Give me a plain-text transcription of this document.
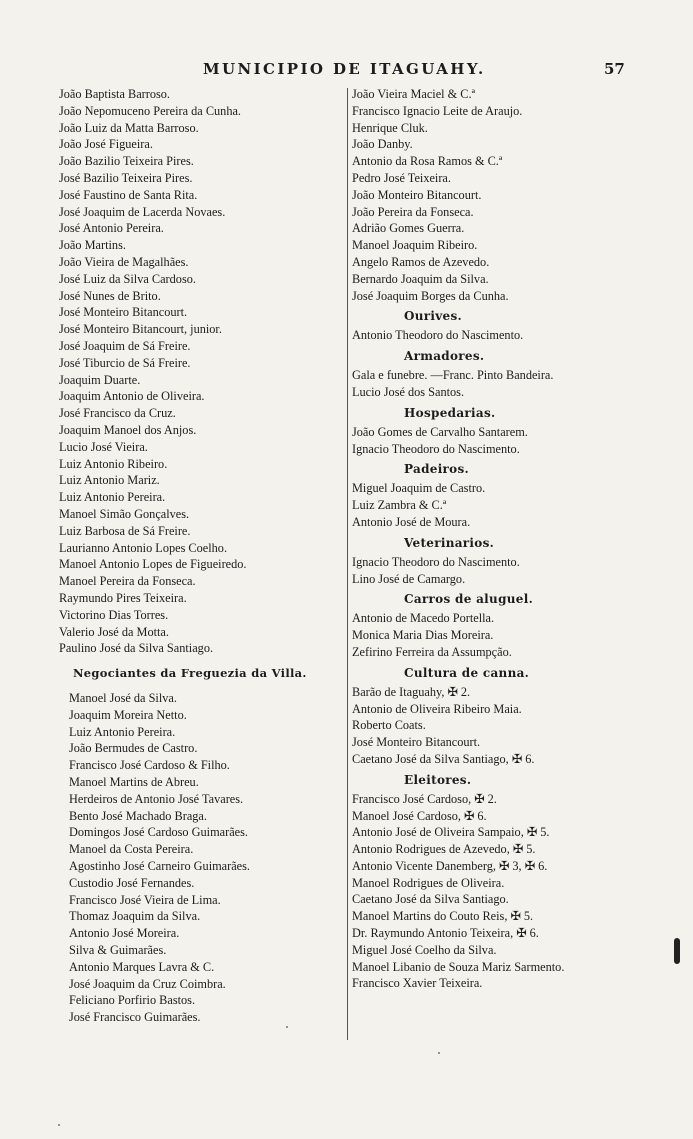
MUNICIPIO DE ITAGUAHY.	57
João Baptista Barroso.
João Nepomuceno Pereira da Cunha.
João Luiz da Matta Barroso.
João José Figueira.
João Bazilio Teixeira Pires.
José Bazilio Teixeira Pires.
José Faustino de Santa Rita.
José Joaquim de Lacerda Novaes.
José Antonio Pereira.
João Martins.
João Vieira de Magalhães.
José Luiz da Silva Cardoso.
José Nunes de Brito.
José Monteiro Bitancourt.
José Monteiro Bitancourt, junior.
José Joaquim de Sá Freire.
José Tiburcio de Sá Freire.
Joaquim Duarte.
Joaquim Antonio de Oliveira.
José Francisco da Cruz.
Joaquim Manoel dos Anjos.
Lucio José Vieira.
Luiz Antonio Ribeiro.
Luiz Antonio Mariz.
Luiz Antonio Pereira.
Manoel Simão Gonçalves.
Luiz Barbosa de Sá Freire.
Laurianno Antonio Lopes Coelho.
Manoel Antonio Lopes de Figueiredo.
Manoel Pereira da Fonseca.
Raymundo Pires Teixeira.
Victorino Dias Torres.
Valerio José da Motta.
Paulino José da Silva Santiago.
Negociantes da Freguezia da Villa.
Manoel José da Silva.
Joaquim Moreira Netto.
Luiz Antonio Pereira.
João Bermudes de Castro.
Francisco José Cardoso & Filho.
Manoel Martins de Abreu.
Herdeiros de Antonio José Tavares.
Bento José Machado Braga.
Domingos José Cardoso Guimarães.
Manoel da Costa Pereira.
Agostinho José Carneiro Guimarães.
Custodio José Fernandes.
Francisco José Vieira de Lima.
Thomaz Joaquim da Silva.
Antonio José Moreira.
Silva & Guimarães.
Antonio Marques Lavra & C.
José Joaquim da Cruz Coimbra.
Feliciano Porfirio Bastos.
José Francisco Guimarães.
João Vieira Maciel & C.ª
Francisco Ignacio Leite de Araujo.
Henrique Cluk.
João Danby.
Antonio da Rosa Ramos & C.ª
Pedro José Teixeira.
João Monteiro Bitancourt.
João Pereira da Fonseca.
Adrião Gomes Guerra.
Manoel Joaquim Ribeiro.
Angelo Ramos de Azevedo.
Bernardo Joaquim da Silva.
José Joaquim Borges da Cunha.
Ourives.
Antonio Theodoro do Nascimento.
Armadores.
Gala e funebre. —Franc. Pinto Bandeira.
Lucio José dos Santos.
Hospedarias.
João Gomes de Carvalho Santarem.
Ignacio Theodoro do Nascimento.
Padeiros.
Miguel Joaquim de Castro.
Luiz Zambra & C.ª
Antonio José de Moura.
Veterinarios.
Ignacio Theodoro do Nascimento.
Lino José de Camargo.
Carros de aluguel.
Antonio de Macedo Portella.
Monica Maria Dias Moreira.
Zefirino Ferreira da Assumpção.
Cultura de canna.
Barão de Itaguahy, ✠ 2.
Antonio de Oliveira Ribeiro Maia.
Roberto Coats.
José Monteiro Bitancourt.
Caetano José da Silva Santiago, ✠ 6.
Eleitores.
Francisco José Cardoso, ✠ 2.
Manoel José Cardoso, ✠ 6.
Antonio José de Oliveira Sampaio, ✠ 5.
Antonio Rodrigues de Azevedo, ✠ 5.
Antonio Vicente Danemberg, ✠ 3, ✠ 6.
Manoel Rodrigues de Oliveira.
Caetano José da Silva Santiago.
Manoel Martins do Couto Reis, ✠ 5.
Dr. Raymundo Antonio Teixeira, ✠ 6.
Miguel José Coelho da Silva.
Manoel Libanio de Souza Mariz Sarmento.
Francisco Xavier Teixeira.
